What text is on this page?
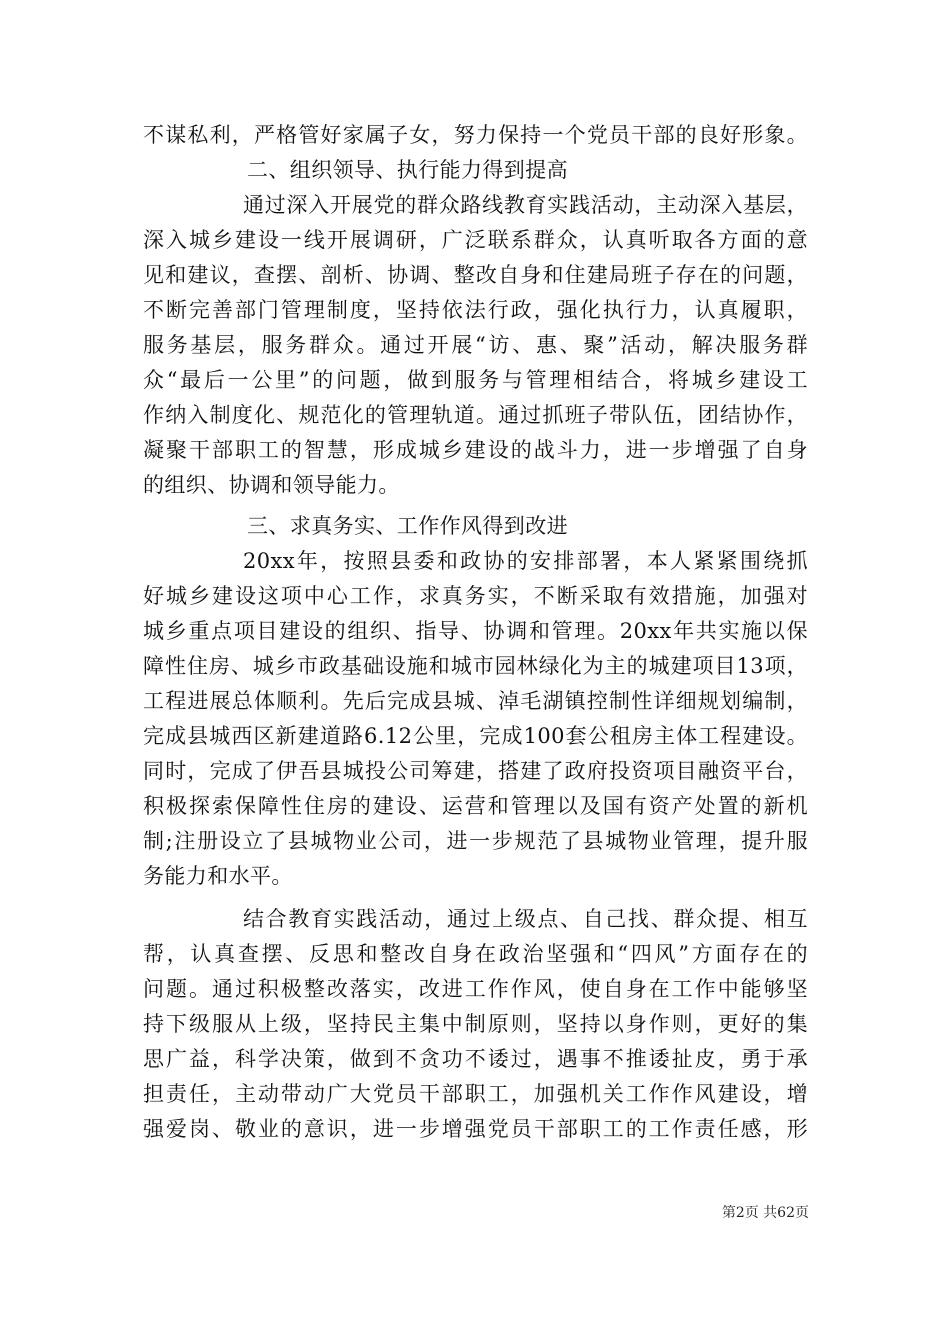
不谋私利，严格管好家属子女，努力保持一个党员干部的良好形象。
二、组织领导、执行能力得到提高
通过深入开展党的群众路线教育实践活动，主动深入基层，
深入城乡建设一线开展调研，广泛联系群众，认真听取各方面的意
见和建议，查摆、剖析、协调、整改自身和住建局班子存在的问题，
不断完善部门管理制度，坚持依法行政，强化执行力，认真履职，
服务基层，服务群众。通过开展“访、惠、聚”活动，解决服务群
众“最后一公里”的问题，做到服务与管理相结合，将城乡建设工
作纳入制度化、规范化的管理轨道。通过抓班子带队伍，团结协作，
凝聚干部职工的智慧，形成城乡建设的战斗力，进一步增强了自身
的组织、协调和领导能力。
三、求真务实、工作作风得到改进
20xx年，按照县委和政协的安排部署，本人紧紧围绕抓
好城乡建设这项中心工作，求真务实，不断采取有效措施，加强对
城乡重点项目建设的组织、指导、协调和管理。20xx年共实施以保
障性住房、城乡市政基础设施和城市园林绿化为主的城建项目13项，
工程进展总体顺利。先后完成县城、淖毛湖镇控制性详细规划编制，
完成县城西区新建道路6.12公里，完成100套公租房主体工程建设。
同时，完成了伊吾县城投公司筹建，搭建了政府投资项目融资平台，
积极探索保障性住房的建设、运营和管理以及国有资产处置的新机
制;注册设立了县城物业公司，进一步规范了县城物业管理，提升服
务能力和水平。
结合教育实践活动，通过上级点、自己找、群众提、相互
帮，认真查摆、反思和整改自身在政治坚强和“四风”方面存在的
问题。通过积极整改落实，改进工作作风，使自身在工作中能够坚
持下级服从上级，坚持民主集中制原则，坚持以身作则，更好的集
思广益，科学决策，做到不贪功不诿过，遇事不推诿扯皮，勇于承
担责任，主动带动广大党员干部职工，加强机关工作作风建设，增
强爱岗、敬业的意识，进一步增强党员干部职工的工作责任感，形
第2页 共62页
